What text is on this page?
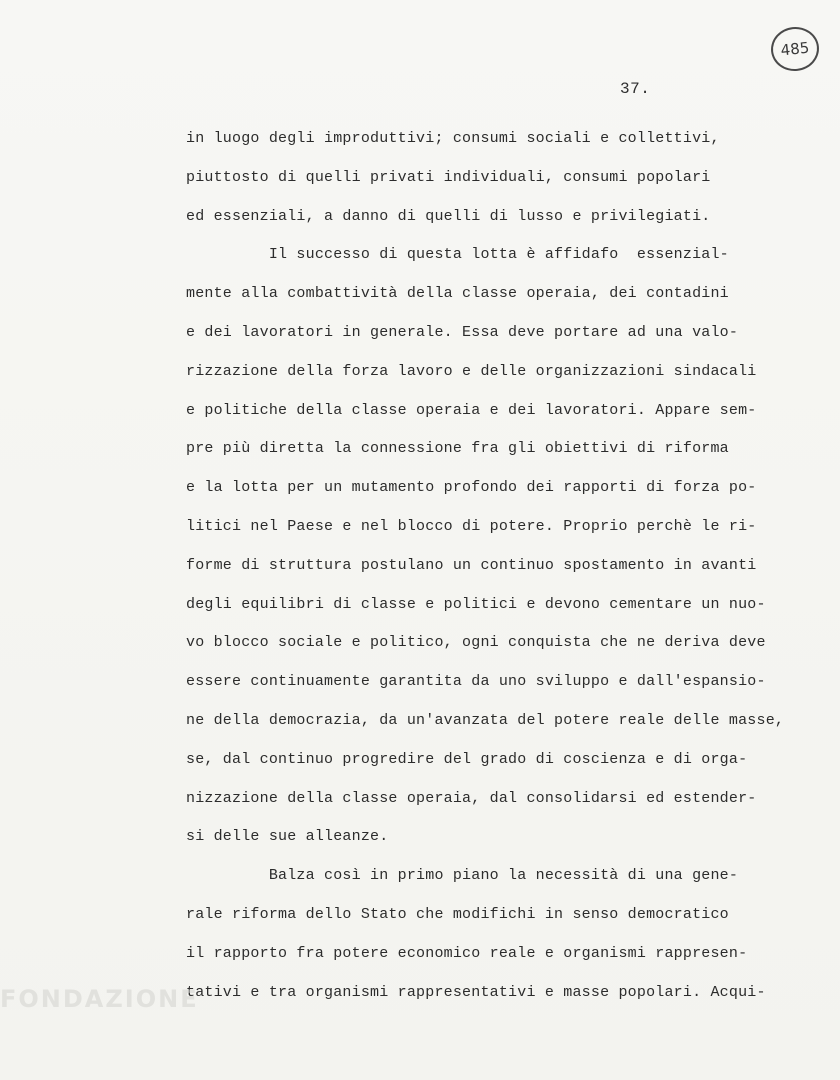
485
37.
in luogo degli improduttivi; consumi sociali e collettivi,
piuttosto di quelli privati individuali, consumi popolari
ed essenziali, a danno di quelli di lusso e privilegiati.
Il successo di questa lotta è affidafo  essenzial-
mente alla combattività della classe operaia, dei contadini
e dei lavoratori in generale. Essa deve portare ad una valo-
rizzazione della forza lavoro e delle organizzazioni sindacali
e politiche della classe operaia e dei lavoratori. Appare sem-
pre più diretta la connessione fra gli obiettivi di riforma
e la lotta per un mutamento profondo dei rapporti di forza po-
litici nel Paese e nel blocco di potere. Proprio perchè le ri-
forme di struttura postulano un continuo spostamento in avanti
degli equilibri di classe e politici e devono cementare un nuo-
vo blocco sociale e politico, ogni conquista che ne deriva deve
essere continuamente garantita da uno sviluppo e dall'espansio-
ne della democrazia, da un'avanzata del potere reale delle masse,
se, dal continuo progredire del grado di coscienza e di orga-
nizzazione della classe operaia, dal consolidarsi ed estender-
si delle sue alleanze.
Balza così in primo piano la necessità di una gene-
rale riforma dello Stato che modifichi in senso democratico
il rapporto fra potere economico reale e organismi rappresen-
tativi e tra organismi rappresentativi e masse popolari. Acqui-
FONDAZIONE
